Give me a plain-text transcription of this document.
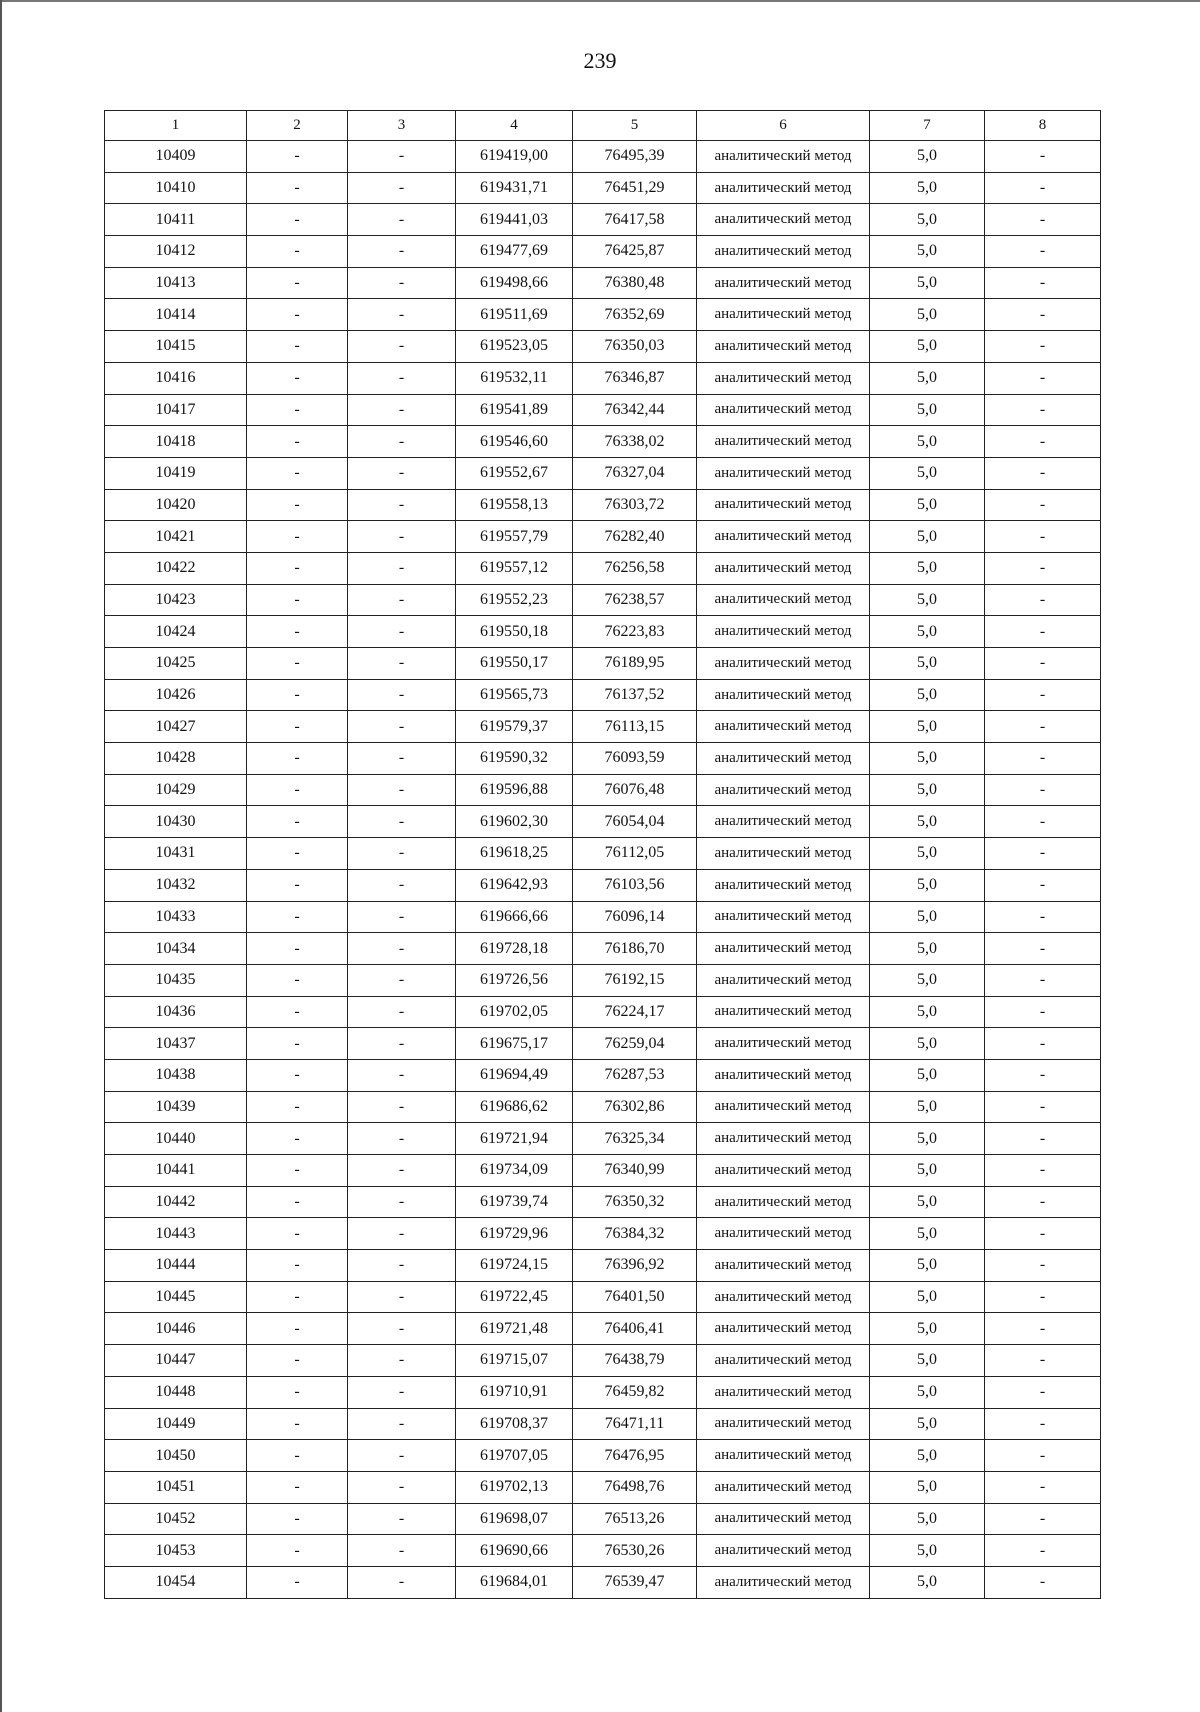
239
1	2	3	4	5	6	7	8
10409	-	-	619419,00	76495,39	аналитический метод	5,0	-
10410	-	-	619431,71	76451,29	аналитический метод	5,0	-
10411	-	-	619441,03	76417,58	аналитический метод	5,0	-
10412	-	-	619477,69	76425,87	аналитический метод	5,0	-
10413	-	-	619498,66	76380,48	аналитический метод	5,0	-
10414	-	-	619511,69	76352,69	аналитический метод	5,0	-
10415	-	-	619523,05	76350,03	аналитический метод	5,0	-
10416	-	-	619532,11	76346,87	аналитический метод	5,0	-
10417	-	-	619541,89	76342,44	аналитический метод	5,0	-
10418	-	-	619546,60	76338,02	аналитический метод	5,0	-
10419	-	-	619552,67	76327,04	аналитический метод	5,0	-
10420	-	-	619558,13	76303,72	аналитический метод	5,0	-
10421	-	-	619557,79	76282,40	аналитический метод	5,0	-
10422	-	-	619557,12	76256,58	аналитический метод	5,0	-
10423	-	-	619552,23	76238,57	аналитический метод	5,0	-
10424	-	-	619550,18	76223,83	аналитический метод	5,0	-
10425	-	-	619550,17	76189,95	аналитический метод	5,0	-
10426	-	-	619565,73	76137,52	аналитический метод	5,0	-
10427	-	-	619579,37	76113,15	аналитический метод	5,0	-
10428	-	-	619590,32	76093,59	аналитический метод	5,0	-
10429	-	-	619596,88	76076,48	аналитический метод	5,0	-
10430	-	-	619602,30	76054,04	аналитический метод	5,0	-
10431	-	-	619618,25	76112,05	аналитический метод	5,0	-
10432	-	-	619642,93	76103,56	аналитический метод	5,0	-
10433	-	-	619666,66	76096,14	аналитический метод	5,0	-
10434	-	-	619728,18	76186,70	аналитический метод	5,0	-
10435	-	-	619726,56	76192,15	аналитический метод	5,0	-
10436	-	-	619702,05	76224,17	аналитический метод	5,0	-
10437	-	-	619675,17	76259,04	аналитический метод	5,0	-
10438	-	-	619694,49	76287,53	аналитический метод	5,0	-
10439	-	-	619686,62	76302,86	аналитический метод	5,0	-
10440	-	-	619721,94	76325,34	аналитический метод	5,0	-
10441	-	-	619734,09	76340,99	аналитический метод	5,0	-
10442	-	-	619739,74	76350,32	аналитический метод	5,0	-
10443	-	-	619729,96	76384,32	аналитический метод	5,0	-
10444	-	-	619724,15	76396,92	аналитический метод	5,0	-
10445	-	-	619722,45	76401,50	аналитический метод	5,0	-
10446	-	-	619721,48	76406,41	аналитический метод	5,0	-
10447	-	-	619715,07	76438,79	аналитический метод	5,0	-
10448	-	-	619710,91	76459,82	аналитический метод	5,0	-
10449	-	-	619708,37	76471,11	аналитический метод	5,0	-
10450	-	-	619707,05	76476,95	аналитический метод	5,0	-
10451	-	-	619702,13	76498,76	аналитический метод	5,0	-
10452	-	-	619698,07	76513,26	аналитический метод	5,0	-
10453	-	-	619690,66	76530,26	аналитический метод	5,0	-
10454	-	-	619684,01	76539,47	аналитический метод	5,0	-
